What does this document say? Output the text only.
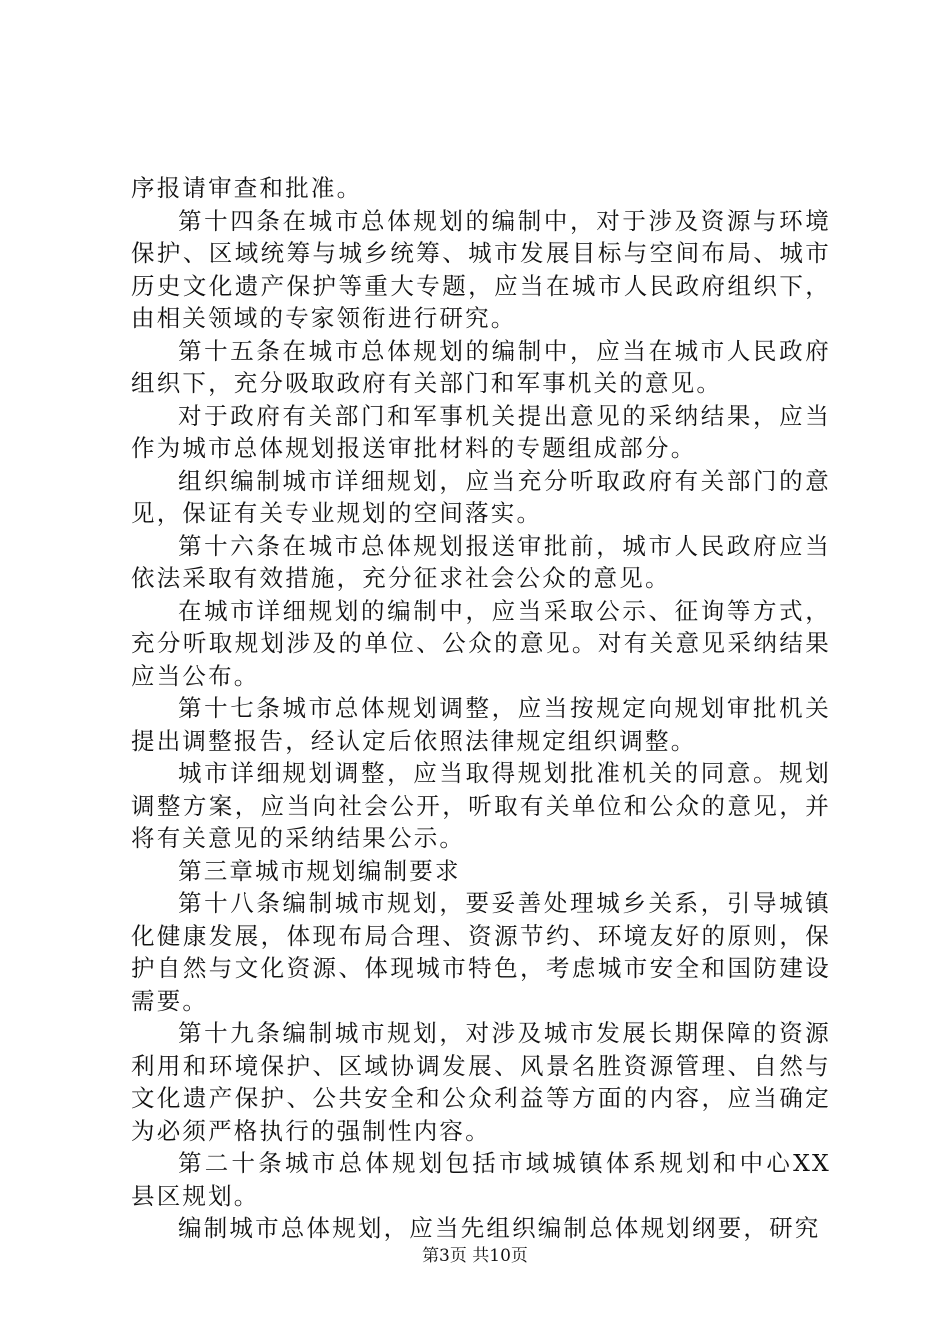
序报请审查和批准。

第十四条在城市总体规划的编制中，对于涉及资源与环境保护、区域统筹与城乡统筹、城市发展目标与空间布局、城市历史文化遗产保护等重大专题，应当在城市人民政府组织下，由相关领域的专家领衔进行研究。

第十五条在城市总体规划的编制中，应当在城市人民政府组织下，充分吸取政府有关部门和军事机关的意见。

对于政府有关部门和军事机关提出意见的采纳结果，应当作为城市总体规划报送审批材料的专题组成部分。

组织编制城市详细规划，应当充分听取政府有关部门的意见，保证有关专业规划的空间落实。

第十六条在城市总体规划报送审批前，城市人民政府应当依法采取有效措施，充分征求社会公众的意见。

在城市详细规划的编制中，应当采取公示、征询等方式，充分听取规划涉及的单位、公众的意见。对有关意见采纳结果应当公布。

第十七条城市总体规划调整，应当按规定向规划审批机关提出调整报告，经认定后依照法律规定组织调整。

城市详细规划调整，应当取得规划批准机关的同意。规划调整方案，应当向社会公开，听取有关单位和公众的意见，并将有关意见的采纳结果公示。

第三章城市规划编制要求

第十八条编制城市规划，要妥善处理城乡关系，引导城镇化健康发展，体现布局合理、资源节约、环境友好的原则，保护自然与文化资源、体现城市特色，考虑城市安全和国防建设需要。

第十九条编制城市规划，对涉及城市发展长期保障的资源利用和环境保护、区域协调发展、风景名胜资源管理、自然与文化遗产保护、公共安全和公众利益等方面的内容，应当确定为必须严格执行的强制性内容。

第二十条城市总体规划包括市域城镇体系规划和中心XX县区规划。

编制城市总体规划，应当先组织编制总体规划纲要，研究

第3页 共10页
